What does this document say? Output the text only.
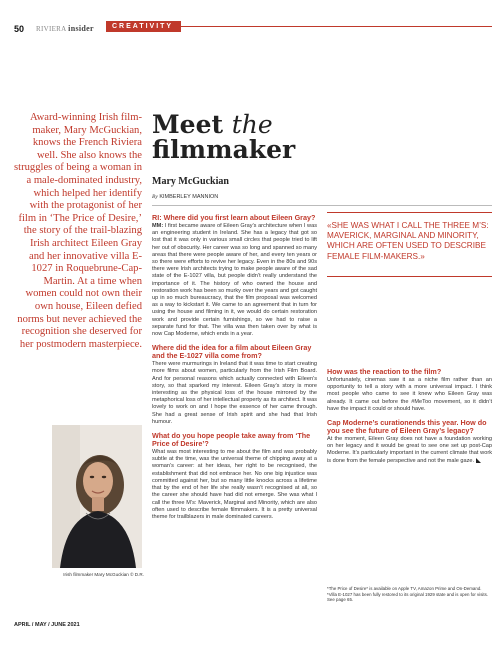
50 RIVIERA insider	CREATIVITY
Award-winning Irish film-maker, Mary McGuckian, knows the French Riviera well. She also knows the struggles of being a woman in a male-dominated industry, which helped her identify with the protagonist of her film in ‘The Price of Desire,’ the story of the trail-blazing Irish architect Eileen Gray and her innovative villa E-1027 in Roquebrune-Cap-Martin. At a time when women could not own their own house, Eileen defied norms but never achieved the recognition she deserved for her postmodern masterpiece.
Irish filmmaker Mary McGuckian © D.R.
Meet the
filmmaker
Mary McGuckian
By KIMBERLEY MANNION
RI: Where did you first learn about Eileen Gray?

MM: I first became aware of Eileen Gray’s architecture when I was an engineering student in Ireland. She has a legacy that got so lost that it was only in various small circles that people tried to lift her out of obscurity. Her career was so long and spanned so many areas that there were people aware of her, and every ten years or so there were efforts to revive her legacy. Even in the 80s and 90s there were Irish architects trying to make people aware of the sad state of the E-1027 villa, but people didn’t really understand the importance of it. The history of who owned the house and restoration work has been so murky over the years and got caught up in so much bureaucracy, that the film proposal was welcomed as a way to kickstart it. We came to an agreement that in turn for using the house and filming in it, we would do certain restoration work and provide certain furnishings, so we had to raise a separate fund for that. The villa was then taken over by what is now Cap Moderne, which ends in a year.

Where did the idea for a film about Eileen Gray and the E-1027 villa come from?

There were murmurings in Ireland that it was time to start creating more films about women, particularly from the Irish Film Board. And for personal reasons which actually connected with Eileen’s story, so that sparked my interest. Eileen Gray’s story is more interesting as the physical loss of the house mirrored by the metaphorical loss of her intellectual property as its architect. It was lovely to work on and I hope the essence of her came through. She had a great sense of Irish spirit and she had that Irish humour.

What do you hope people take away from ‘The Price of Desire’?

What was most interesting to me about the film and was probably subtle at the time, was the universal theme of chipping away at a woman’s career: at her ideas, her right to be recognised, the establishment that did not embrace her. No one big injustice was committed against her, but so many little knocks across a lifetime that by the end of her life she really wasn’t recognised at all, so the career she should have had did not emerge. She was what I call the three M’s: Maverick, Marginal and Minority, which are also often used to describe female filmmakers. It is a pretty universal theme for trailblazers in male dominated careers.

«SHE WAS WHAT I CALL THE THREE M’S: MAVERICK, MARGINAL AND MINORITY, WHICH ARE OFTEN USED TO DESCRIBE FEMALE FILM-MAKERS.»
How was the reaction to the film?

Unfortunately, cinemas saw it as a niche film rather than an opportunity to tell a story with a more universal impact. I think most people who came to see it knew who Eileen Gray was already. It came out before the #MeToo movement, so it didn’t have the impact it could or should have.

Cap Moderne’s curationends this year. How do you see the future of Eileen Gray’s legacy?

At the moment, Eileen Gray does not have a foundation working on her legacy and it would be great to see one set up post-Cap Moderne. It’s particularly important in the current climate that work is done from the female perspective and not the male gaze.

*The Price of Desire* is available on Apple TV, Amazon Prime and On-Demand.
*Villa E-1027 has been fully restored to its original 1929 state and is open for visits. See page 65.
APRIL / MAY / JUNE 2021
